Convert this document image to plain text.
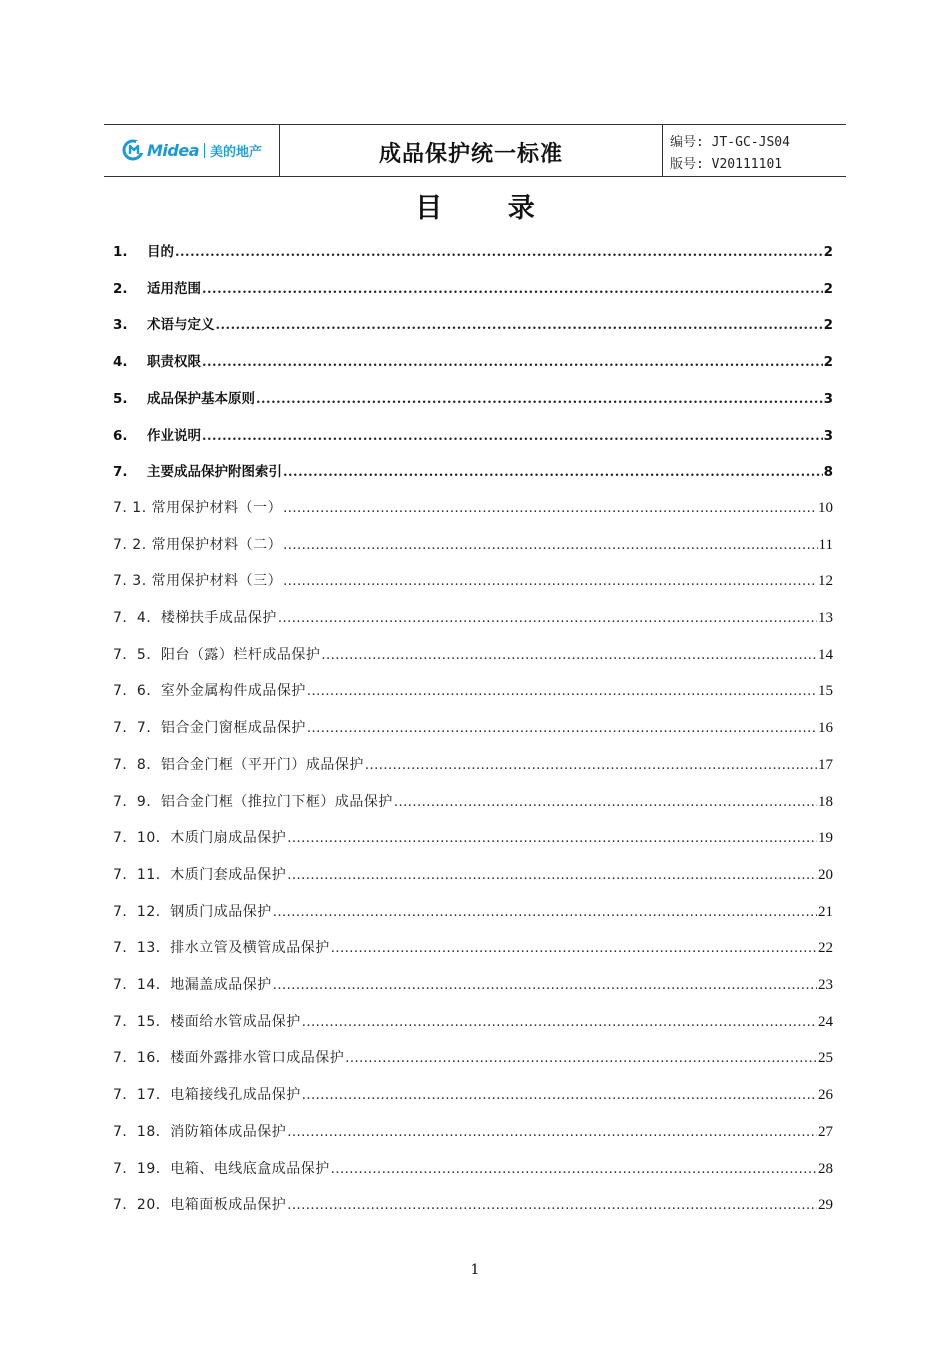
Midea 美的地产	成品保护统一标准	编号: JT-GC-JS04
版号: V20111101
目 录
1. 目的 .....	2
2. 适用范围 .....	2
3. 术语与定义 .....	2
4. 职责权限 .....	2
5. 成品保护基本原则 .....	3
6. 作业说明 .....	3
7. 主要成品保护附图索引 .....	8
7. 1. 常用保护材料（一） .....	10
7. 2. 常用保护材料（二） .....	11
7. 3. 常用保护材料（三） .....	12
7．4．楼梯扶手成品保护 .....	13
7．5．阳台（露）栏杆成品保护 .....	14
7．6．室外金属构件成品保护 .....	15
7．7．铝合金门窗框成品保护 .....	16
7．8．铝合金门框（平开门）成品保护 .....	17
7．9．铝合金门框（推拉门下框）成品保护 .....	18
7．10．木质门扇成品保护 .....	19
7．11．木质门套成品保护 .....	20
7．12．钢质门成品保护 .....	21
7．13．排水立管及横管成品保护 .....	22
7．14．地漏盖成品保护 .....	23
7．15．楼面给水管成品保护 .....	24
7．16．楼面外露排水管口成品保护 .....	25
7．17．电箱接线孔成品保护 .....	26
7．18．消防箱体成品保护 .....	27
7．19．电箱、电线底盒成品保护 .....	28
7．20．电箱面板成品保护 .....	29
1
